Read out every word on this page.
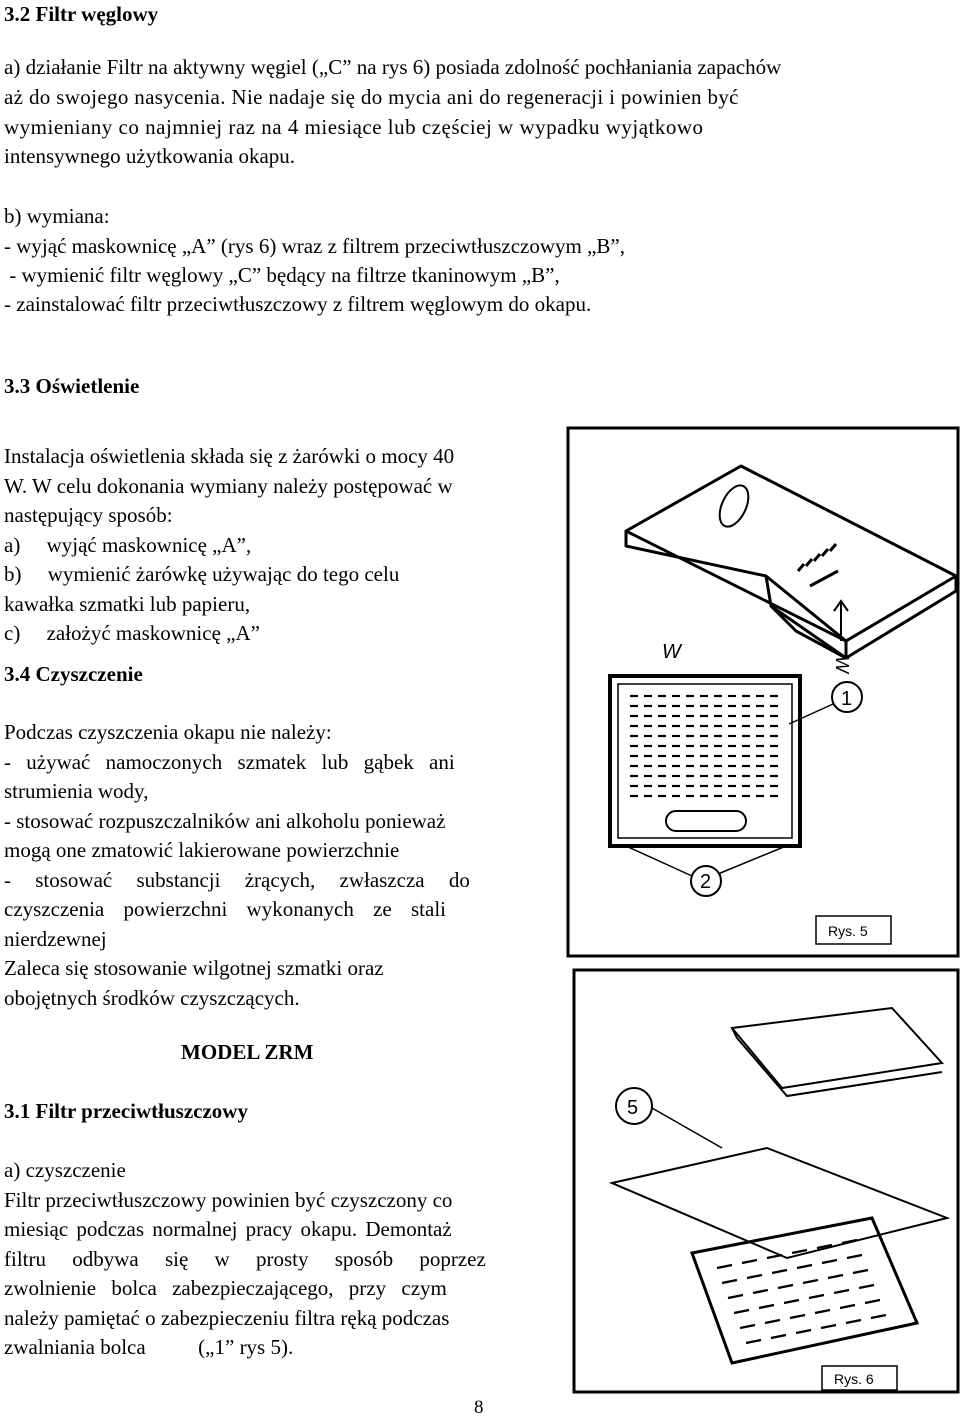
3.2 Filtr węglowy
a) działanie Filtr na aktywny węgiel („C” na rys 6) posiada zdolność pochłaniania zapachów
aż do swojego nasycenia. Nie nadaje się do mycia ani do regeneracji i powinien być
wymieniany co najmniej raz na 4 miesiące lub częściej w wypadku wyjątkowo
intensywnego użytkowania okapu.
b) wymiana:
- wyjąć maskownicę „A” (rys 6) wraz z filtrem przeciwtłuszczowym „B”,
- wymienić filtr węglowy „C” będący na filtrze tkaninowym „B”,
- zainstalować filtr przeciwtłuszczowy z filtrem węglowym do okapu.
3.3 Oświetlenie
Instalacja oświetlenia składa się z żarówki o mocy 40
W. W celu dokonania wymiany należy postępować w
następujący sposób:
a)     wyjąć maskownicę „A”,
b)     wymienić żarówkę używając do tego celu
kawałka szmatki lub papieru,
c)     założyć maskownicę „A”
3.4 Czyszczenie
Podczas czyszczenia okapu nie należy:
- używać namoczonych szmatek lub gąbek ani
strumienia wody,
- stosować rozpuszczalników ani alkoholu ponieważ
mogą one zmatowić lakierowane powierzchnie
- stosować substancji żrących, zwłaszcza do
czyszczenia powierzchni wykonanych ze stali
nierdzewnej
Zaleca się stosowanie wilgotnej szmatki oraz
obojętnych środków czyszczących.
MODEL ZRM
3.1 Filtr przeciwtłuszczowy
a) czyszczenie
Filtr przeciwtłuszczowy powinien być czyszczony co
miesiąc podczas normalnej pracy okapu. Demontaż
filtru odbywa się w prosty sposób poprzez
zwolnienie bolca zabezpieczającego, przy czym
należy pamiętać o zabezpieczeniu filtra ręką podczas
zwalniania bolca          („1” rys 5).
W
W
1
2
Rys. 5
5
Rys. 6
8
